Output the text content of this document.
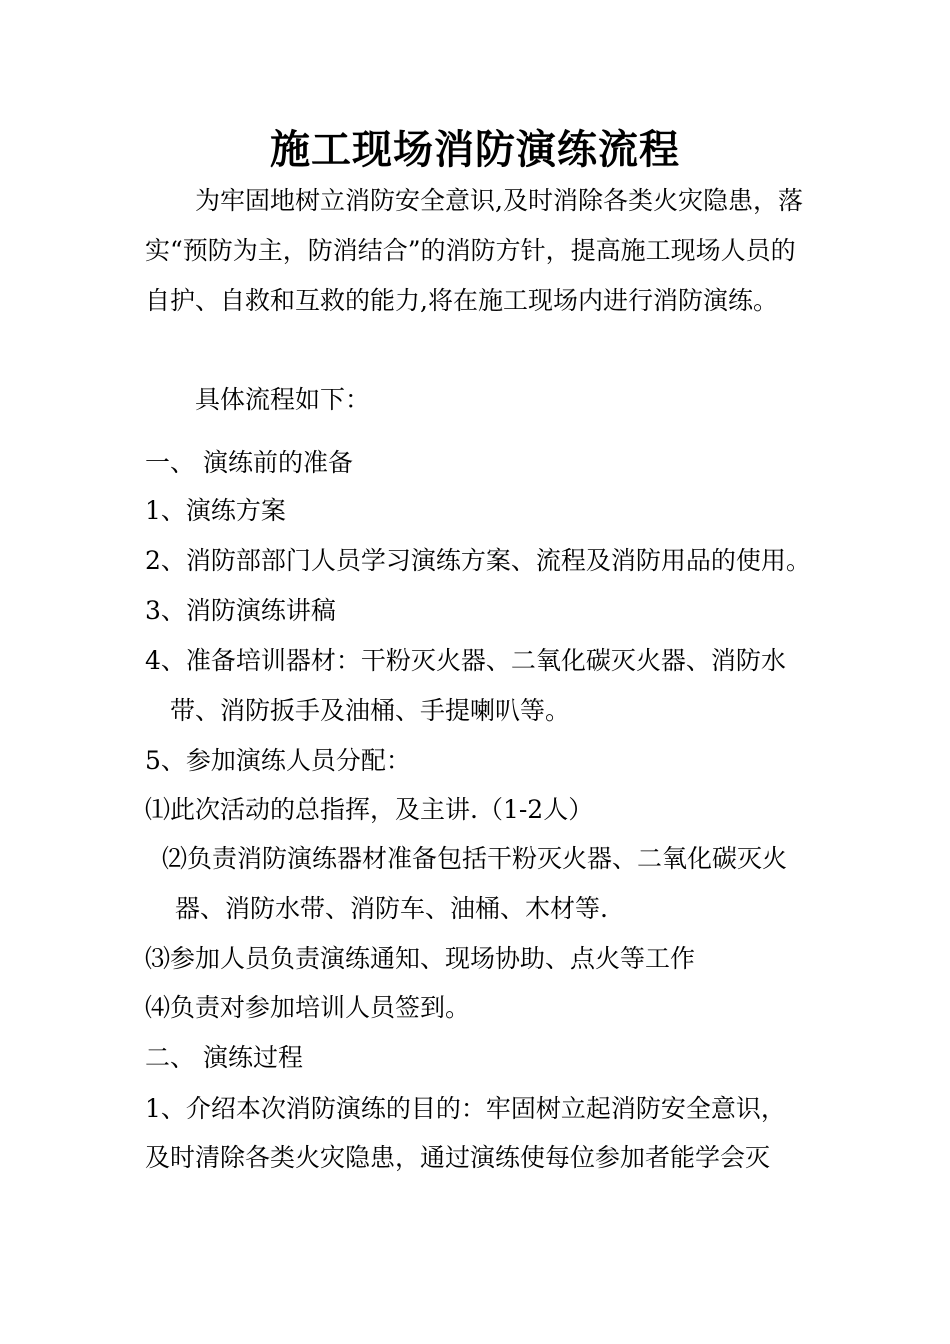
施工现场消防演练流程

为牢固地树立消防安全意识,及时消除各类火灾隐患，落实“预防为主，防消结合”的消防方针，提高施工现场人员的自护、自救和互救的能力,将在施工现场内进行消防演练。

具体流程如下：

一、 演练前的准备

1、演练方案

2、消防部部门人员学习演练方案、流程及消防用品的使用。

3、消防演练讲稿

4、准备培训器材：干粉灭火器、二氧化碳灭火器、消防水

带、消防扳手及油桶、手提喇叭等。

5、参加演练人员分配：

⑴此次活动的总指挥，及主讲.（1-2人）

⑵负责消防演练器材准备包括干粉灭火器、二氧化碳灭火

器、消防水带、消防车、油桶、木材等.

⑶参加人员负责演练通知、现场协助、点火等工作

⑷负责对参加培训人员签到。

二、 演练过程

1、介绍本次消防演练的目的：牢固树立起消防安全意识，

及时清除各类火灾隐患，通过演练使每位参加者能学会灭
